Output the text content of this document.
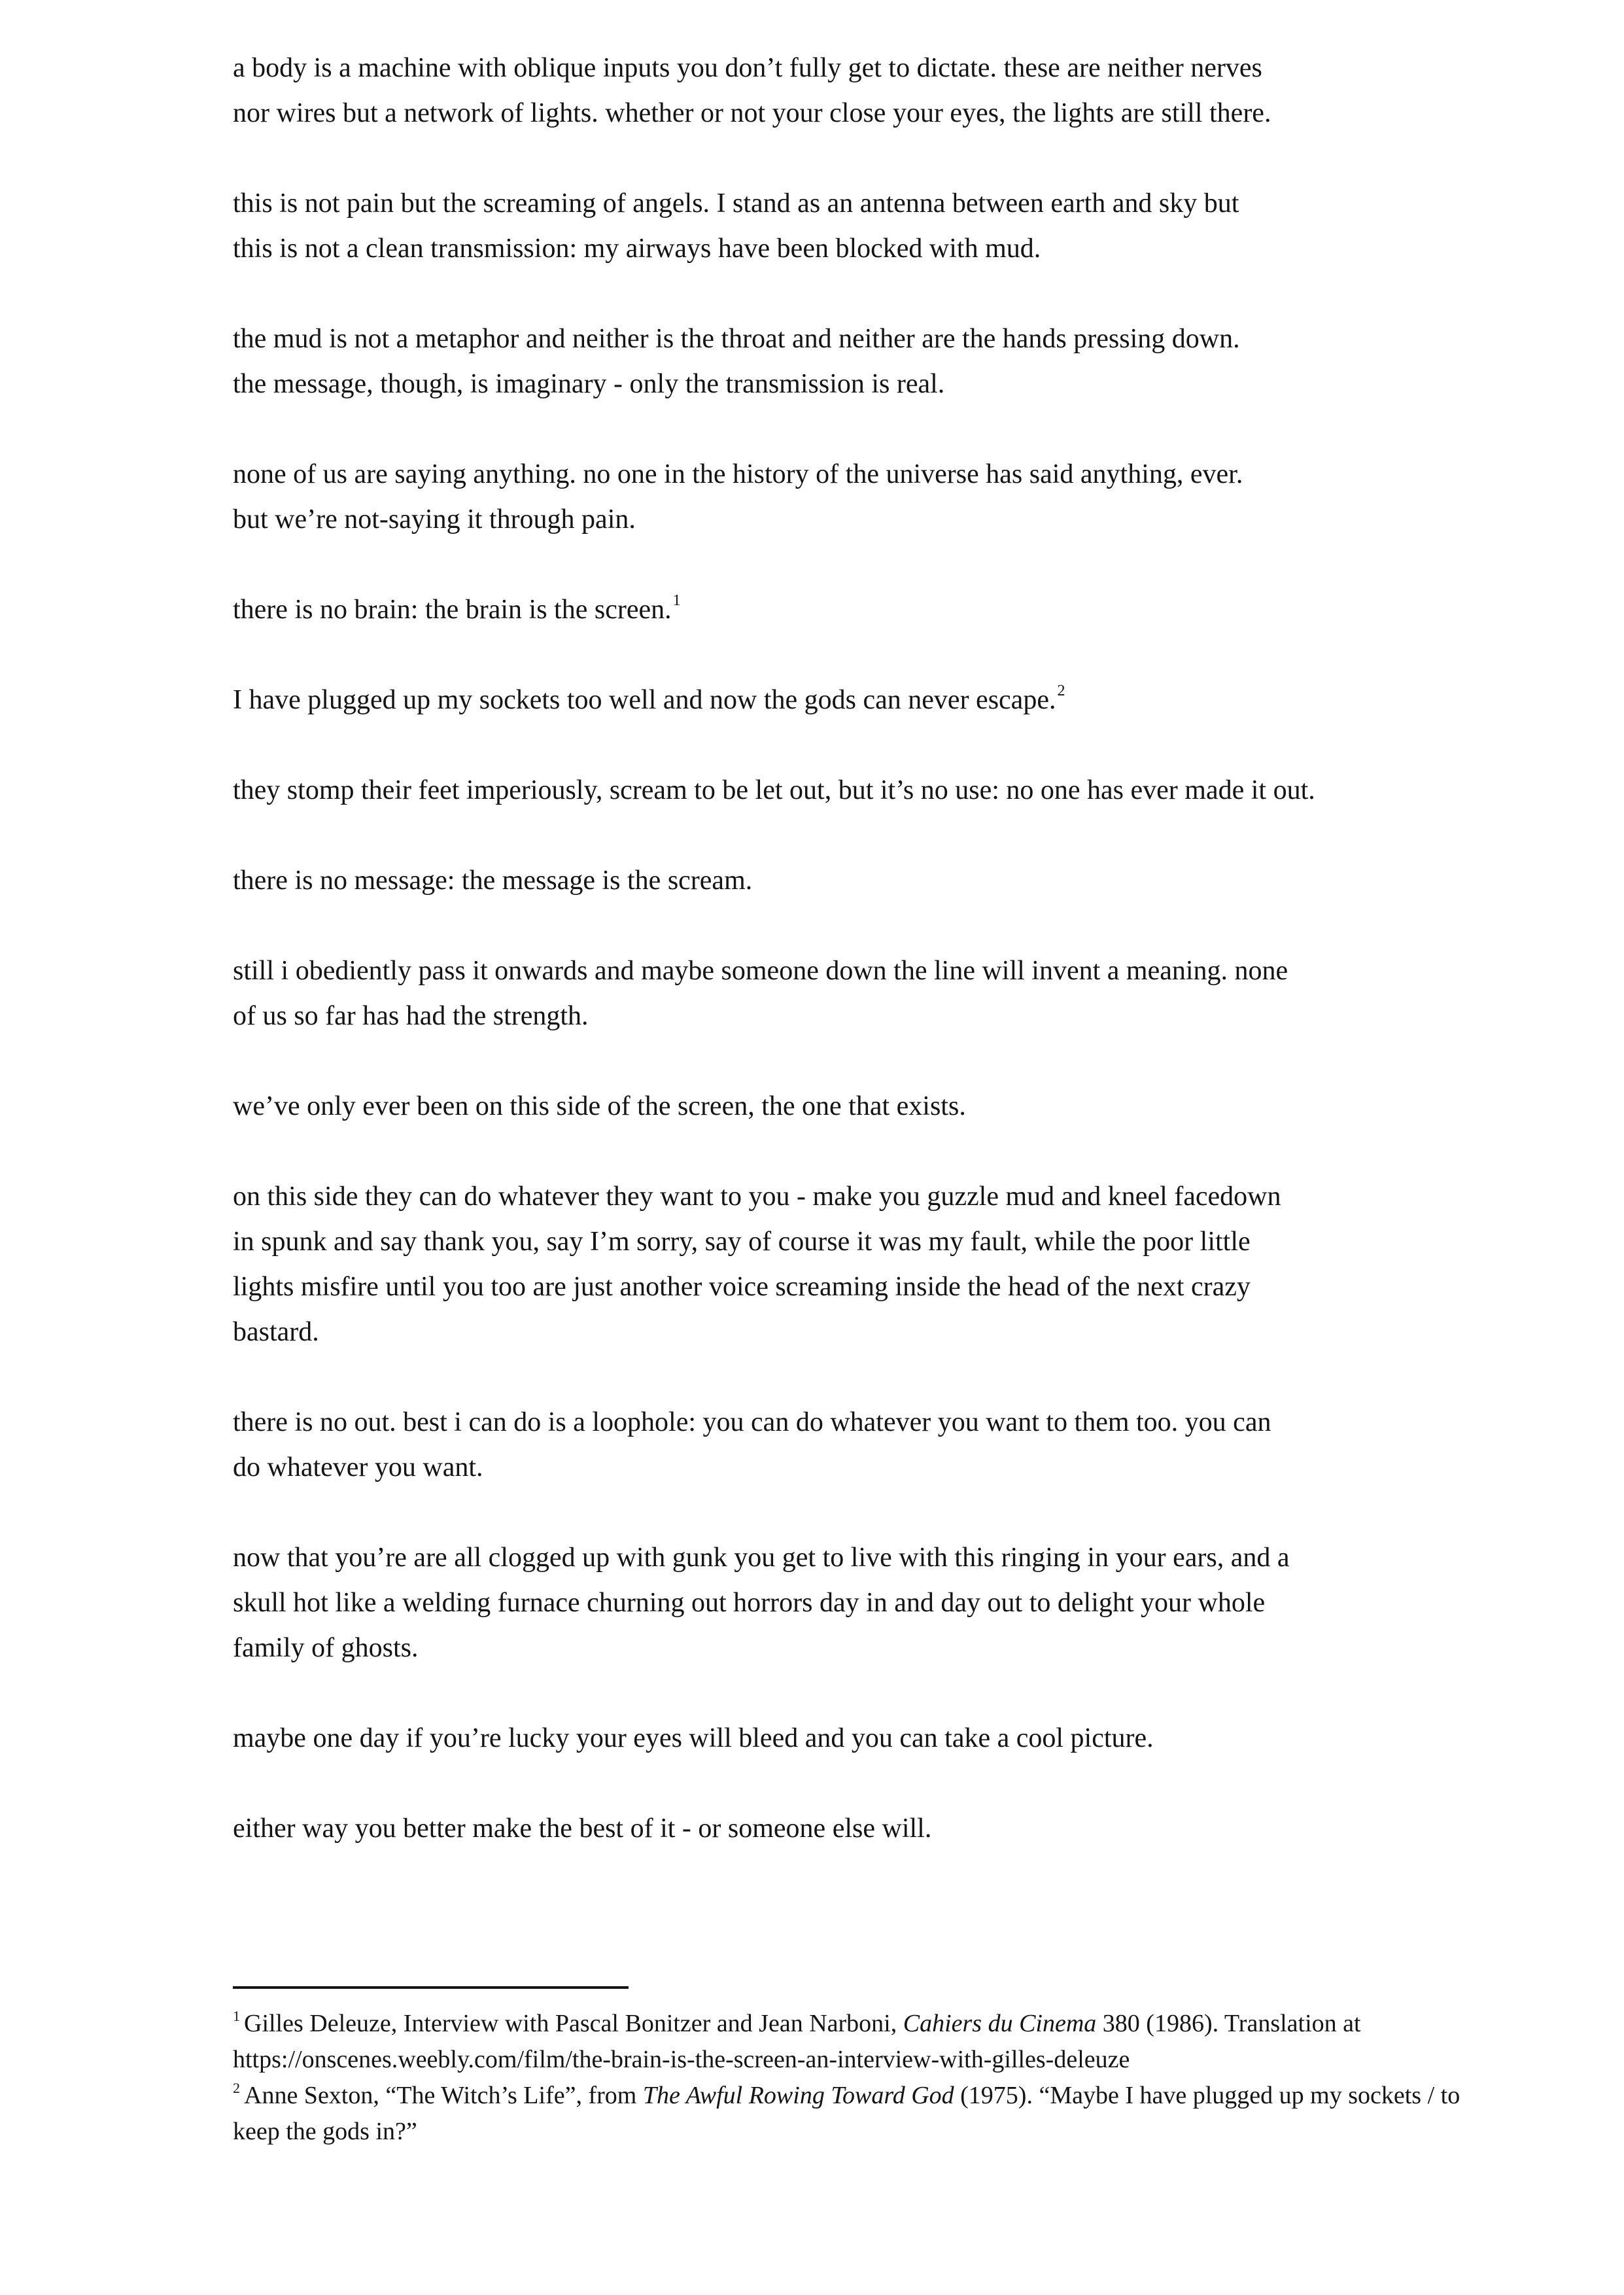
a body is a machine with oblique inputs you don’t fully get to dictate. these are neither nerves
nor wires but a network of lights. whether or not your close your eyes, the lights are still there.

this is not pain but the screaming of angels. I stand as an antenna between earth and sky but
this is not a clean transmission: my airways have been blocked with mud.

the mud is not a metaphor and neither is the throat and neither are the hands pressing down.
the message, though, is imaginary - only the transmission is real.

none of us are saying anything. no one in the history of the universe has said anything, ever.
but we’re not-saying it through pain.

there is no brain: the brain is the screen.$^1$

I have plugged up my sockets too well and now the gods can never escape.$^2$

they stomp their feet imperiously, scream to be let out, but it’s no use: no one has ever made it out.

there is no message: the message is the scream.

still i obediently pass it onwards and maybe someone down the line will invent a meaning. none
of us so far has had the strength.

we’ve only ever been on this side of the screen, the one that exists.

on this side they can do whatever they want to you - make you guzzle mud and kneel facedown
in spunk and say thank you, say I’m sorry, say of course it was my fault, while the poor little
lights misfire until you too are just another voice screaming inside the head of the next crazy
bastard.

there is no out. best i can do is a loophole: you can do whatever you want to them too. you can
do whatever you want.

now that you’re are all clogged up with gunk you get to live with this ringing in your ears, and a
skull hot like a welding furnace churning out horrors day in and day out to delight your whole
family of ghosts.

maybe one day if you’re lucky your eyes will bleed and you can take a cool picture.

either way you better make the best of it - or someone else will.

$^1$ Gilles Deleuze, Interview with Pascal Bonitzer and Jean Narboni, Cahiers du Cinema 380 (1986). Translation at
https://onscenes.weebly.com/film/the-brain-is-the-screen-an-interview-with-gilles-deleuze

$^2$ Anne Sexton, “The Witch’s Life”, from The Awful Rowing Toward God (1975). “Maybe I have plugged up my sockets / to
keep the gods in?”
